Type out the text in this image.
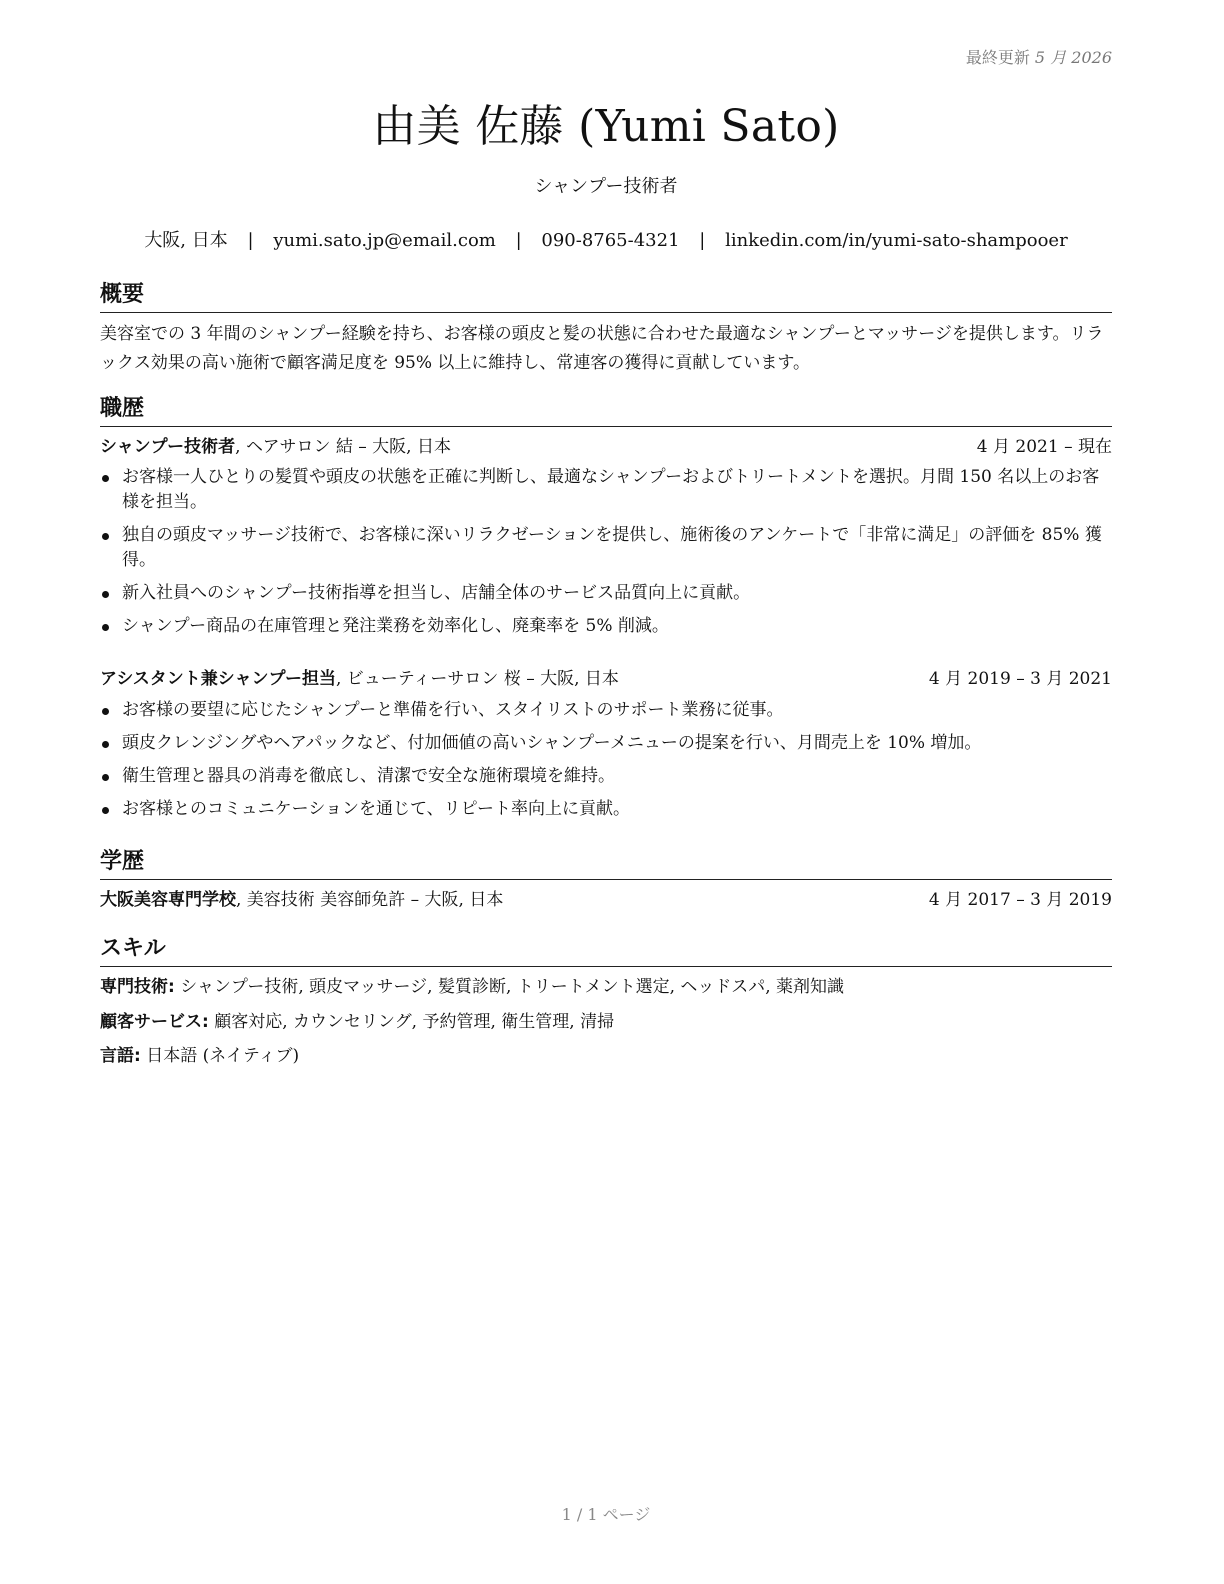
最終更新 5 月 2026
由美 佐藤 (Yumi Sato)
シャンプー技術者
大阪, 日本 | yumi.sato.jp@email.com | 090-8765-4321 | linkedin.com/in/yumi-sato-shampooer
概要

美容室での 3 年間のシャンプー経験を持ち、お客様の頭皮と髪の状態に合わせた最適なシャンプーとマッサージを提供します。リラックス効果の高い施術で顧客満足度を 95% 以上に維持し、常連客の獲得に貢献しています。

職歴
シャンプー技術者, ヘアサロン 結 – 大阪, 日本	4 月 2021 – 現在
お客様一人ひとりの髪質や頭皮の状態を正確に判断し、最適なシャンプーおよびトリートメントを選択。月間 150 名以上のお客様を担当。
独自の頭皮マッサージ技術で、お客様に深いリラクゼーションを提供し、施術後のアンケートで「非常に満足」の評価を 85% 獲得。
新入社員へのシャンプー技術指導を担当し、店舗全体のサービス品質向上に貢献。
シャンプー商品の在庫管理と発注業務を効率化し、廃棄率を 5% 削減。
アシスタント兼シャンプー担当, ビューティーサロン 桜 – 大阪, 日本	4 月 2019 – 3 月 2021
お客様の要望に応じたシャンプーと準備を行い、スタイリストのサポート業務に従事。
頭皮クレンジングやヘアパックなど、付加価値の高いシャンプーメニューの提案を行い、月間売上を 10% 増加。
衛生管理と器具の消毒を徹底し、清潔で安全な施術環境を維持。
お客様とのコミュニケーションを通じて、リピート率向上に貢献。
学歴
大阪美容専門学校, 美容技術 美容師免許 – 大阪, 日本	4 月 2017 – 3 月 2019
スキル
専門技術: シャンプー技術, 頭皮マッサージ, 髪質診断, トリートメント選定, ヘッドスパ, 薬剤知識
顧客サービス: 顧客対応, カウンセリング, 予約管理, 衛生管理, 清掃
言語: 日本語 (ネイティブ)
1 / 1 ページ
